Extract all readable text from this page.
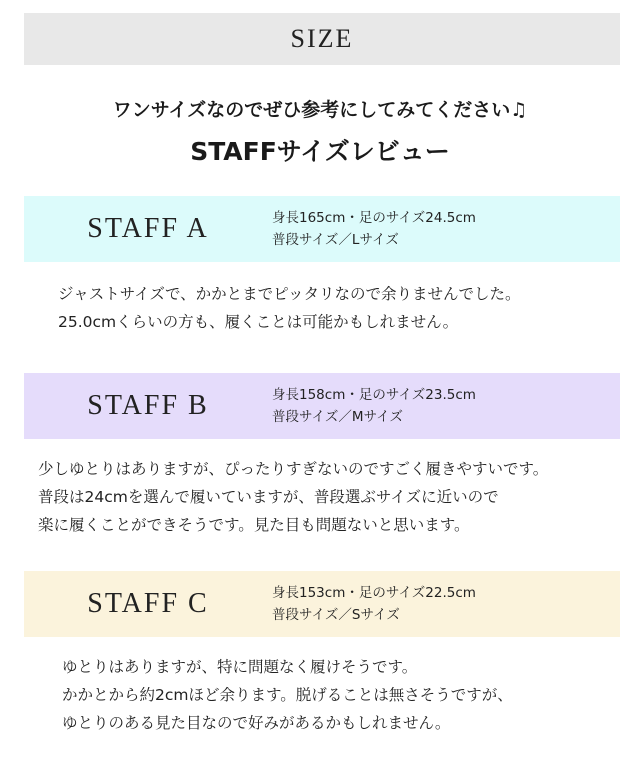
SIZE
ワンサイズなのでぜひ参考にしてみてください♫
STAFFサイズレビュー
STAFF A	身長165cm・足のサイズ24.5cm
普段サイズ／Lサイズ
ジャストサイズで、かかとまでピッタリなので余りませんでした。
25.0cmくらいの方も、履くことは可能かもしれません。
STAFF B	身長158cm・足のサイズ23.5cm
普段サイズ／Mサイズ
少しゆとりはありますが、ぴったりすぎないのですごく履きやすいです。
普段は24cmを選んで履いていますが、普段選ぶサイズに近いので
楽に履くことができそうです。見た目も問題ないと思います。
STAFF C	身長153cm・足のサイズ22.5cm
普段サイズ／Sサイズ
ゆとりはありますが、特に問題なく履けそうです。
かかとから約2cmほど余ります。脱げることは無さそうですが、
ゆとりのある見た目なので好みがあるかもしれません。
